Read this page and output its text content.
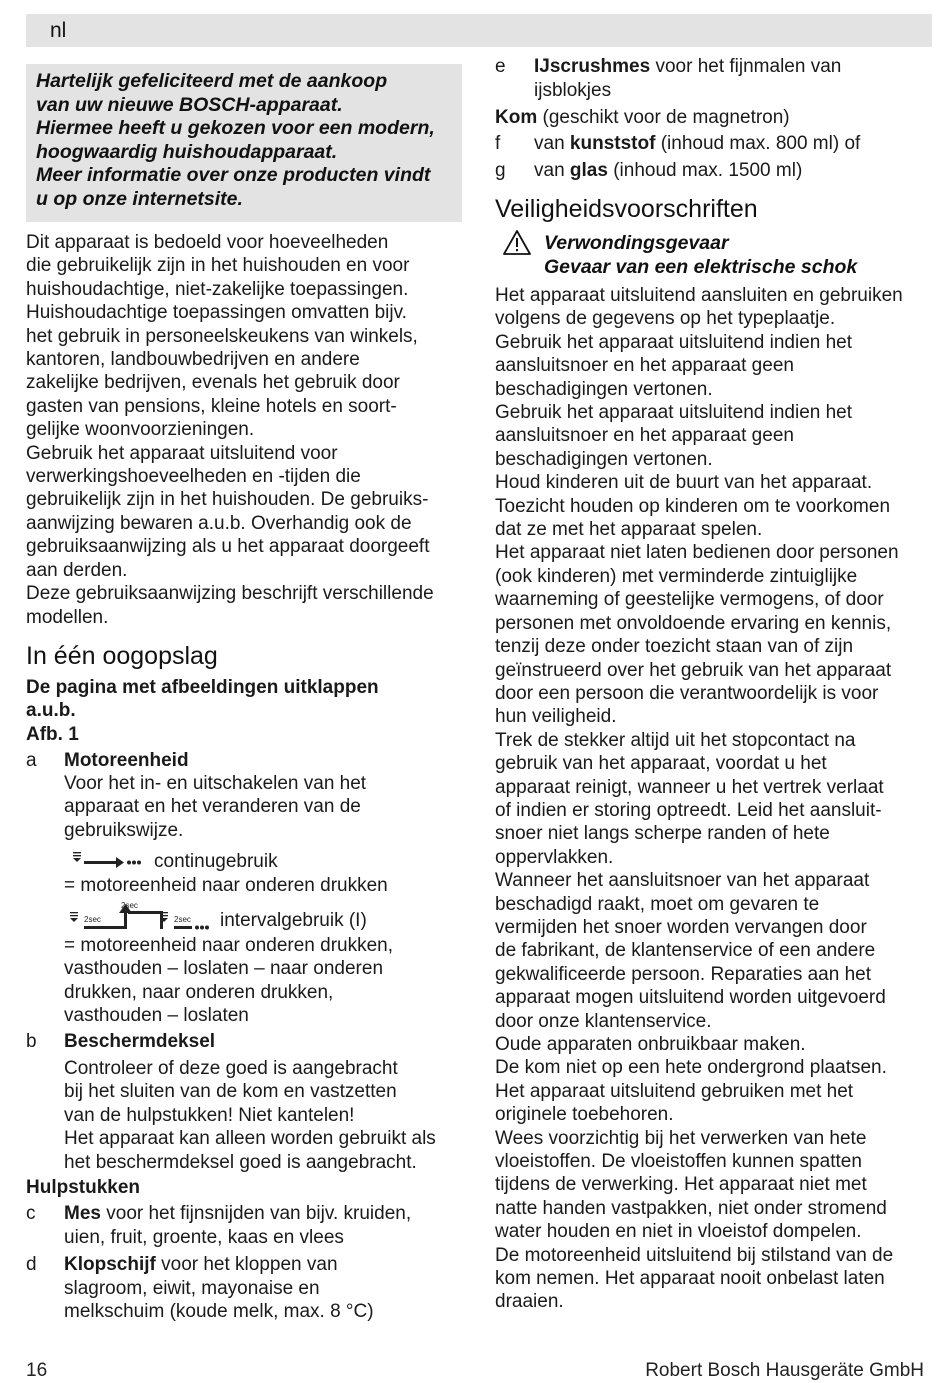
nl
Hartelijk gefeliciteerd met de aankoop
van uw nieuwe BOSCH-apparaat.
Hiermee heeft u gekozen voor een modern,
hoogwaardig huishoudapparaat.
Meer informatie over onze producten vindt
u op onze internetsite.
Dit apparaat is bedoeld voor hoeveelheden
die gebruikelijk zijn in het huishouden en voor
huishoudachtige, niet-zakelijke toepassingen.
Huishoudachtige toepassingen omvatten bijv.
het gebruik in personeelskeukens van winkels,
kantoren, landbouwbedrijven en andere
zakelijke bedrijven, evenals het gebruik door
gasten van pensions, kleine hotels en soort-
gelijke woonvoorzieningen.
Gebruik het apparaat uitsluitend voor
verwerkingshoeveelheden en -tijden die
gebruikelijk zijn in het huishouden. De gebruiks-
aanwijzing bewaren a.u.b. Overhandig ook de
gebruiksaanwijzing als u het apparaat doorgeeft
aan derden.
Deze gebruiksaanwijzing beschrijft verschillende
modellen.
In één oogopslag
De pagina met afbeeldingen uitklappen
a.u.b.
Afb. 1
a Motoreenheid
Voor het in- en uitschakelen van het
apparaat en het veranderen van de
gebruikswijze.
continugebruik
= motoreenheid naar onderen drukken
2sec
2sec
2sec intervalgebruik (I)
= motoreenheid naar onderen drukken,
vasthouden – loslaten – naar onderen
drukken, naar onderen drukken,
vasthouden – loslaten
b Beschermdeksel
Controleer of deze goed is aangebracht
bij het sluiten van de kom en vastzetten
van de hulpstukken! Niet kantelen!
Het apparaat kan alleen worden gebruikt als
het beschermdeksel goed is aangebracht.
Hulpstukken
c Mes voor het fijnsnijden van bijv. kruiden,
uien, fruit, groente, kaas en vlees
d Klopschijf voor het kloppen van
slagroom, eiwit, mayonaise en
melkschuim (koude melk, max. 8 °C)
e IJscrushmes voor het fijnmalen van
ijsblokjes
Kom (geschikt voor de magnetron)
f van kunststof (inhoud max. 800 ml) of
g van glas (inhoud max. 1500 ml)
Veiligheidsvoorschriften
Verwondingsgevaar
Gevaar van een elektrische schok
Het apparaat uitsluitend aansluiten en gebruiken
volgens de gegevens op het typeplaatje.
Gebruik het apparaat uitsluitend indien het
aansluitsnoer en het apparaat geen
beschadigingen vertonen.
Gebruik het apparaat uitsluitend indien het
aansluitsnoer en het apparaat geen
beschadigingen vertonen.
Houd kinderen uit de buurt van het apparaat.
Toezicht houden op kinderen om te voorkomen
dat ze met het apparaat spelen.
Het apparaat niet laten bedienen door personen
(ook kinderen) met verminderde zintuiglijke
waarneming of geestelijke vermogens, of door
personen met onvoldoende ervaring en kennis,
tenzij deze onder toezicht staan van of zijn
geïnstrueerd over het gebruik van het apparaat
door een persoon die verantwoordelijk is voor
hun veiligheid.
Trek de stekker altijd uit het stopcontact na
gebruik van het apparaat, voordat u het
apparaat reinigt, wanneer u het vertrek verlaat
of indien er storing optreedt. Leid het aansluit-
snoer niet langs scherpe randen of hete
oppervlakken.
Wanneer het aansluitsnoer van het apparaat
beschadigd raakt, moet om gevaren te
vermijden het snoer worden vervangen door
de fabrikant, de klantenservice of een andere
gekwalificeerde persoon. Reparaties aan het
apparaat mogen uitsluitend worden uitgevoerd
door onze klantenservice.
Oude apparaten onbruikbaar maken.
De kom niet op een hete ondergrond plaatsen.
Het apparaat uitsluitend gebruiken met het
originele toebehoren.
Wees voorzichtig bij het verwerken van hete
vloeistoffen. De vloeistoffen kunnen spatten
tijdens de verwerking. Het apparaat niet met
natte handen vastpakken, niet onder stromend
water houden en niet in vloeistof dompelen.
De motoreenheid uitsluitend bij stilstand van de
kom nemen. Het apparaat nooit onbelast laten
draaien.
16	Robert Bosch Hausgeräte GmbH
